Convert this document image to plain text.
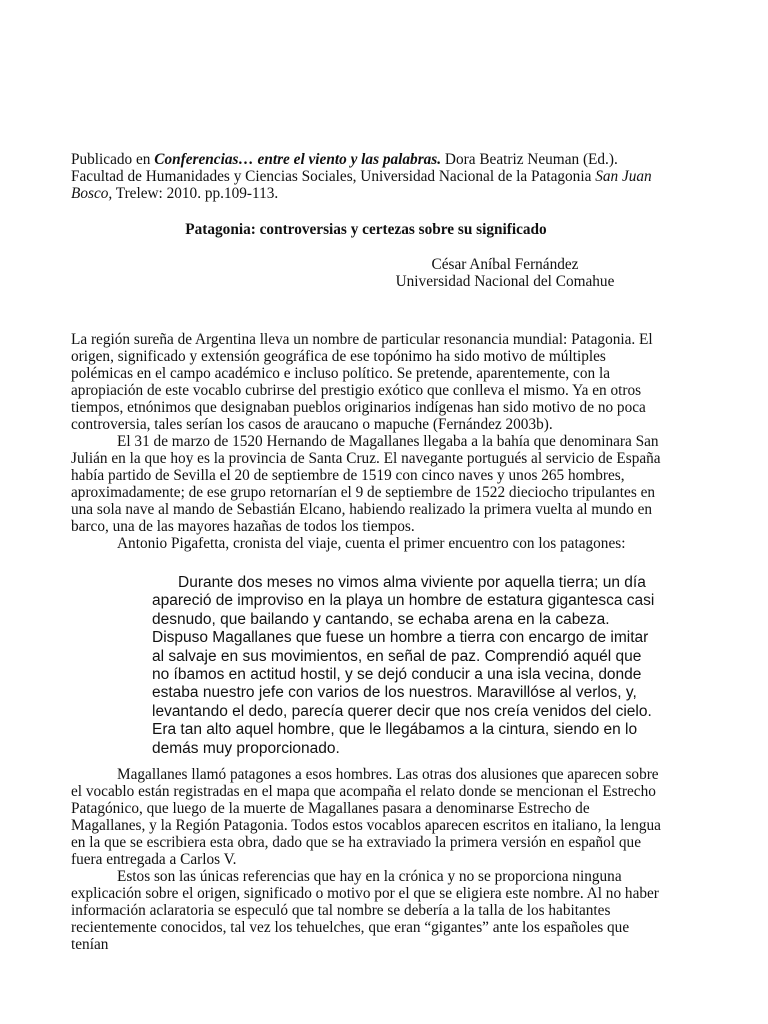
Publicado en Conferencias… entre el viento y las palabras. Dora Beatriz Neuman (Ed.). Facultad de Humanidades y Ciencias Sociales, Universidad Nacional de la Patagonia San Juan Bosco, Trelew: 2010. pp.109-113.

Patagonia: controversias y certezas sobre su significado

César Aníbal Fernández
Universidad Nacional del Comahue

La región sureña de Argentina lleva un nombre de particular resonancia mundial: Patagonia. El origen, significado y extensión geográfica de ese topónimo ha sido motivo de múltiples polémicas en el campo académico e incluso político. Se pretende, aparentemente, con la apropiación de este vocablo cubrirse del prestigio exótico que conlleva el mismo. Ya en otros tiempos, etnónimos que designaban pueblos originarios indígenas han sido motivo de no poca controversia, tales serían los casos de araucano o mapuche (Fernández 2003b).

El 31 de marzo de 1520 Hernando de Magallanes llegaba a la bahía que denominara San Julián en la que hoy es la provincia de Santa Cruz. El navegante portugués al servicio de España había partido de Sevilla el 20 de septiembre de 1519 con cinco naves y unos 265 hombres, aproximadamente; de ese grupo retornarían el 9 de septiembre de 1522 dieciocho tripulantes en una sola nave al mando de Sebastián Elcano, habiendo realizado la primera vuelta al mundo en barco, una de las mayores hazañas de todos los tiempos.

Antonio Pigafetta, cronista del viaje, cuenta el primer encuentro con los patagones:

Durante dos meses no vimos alma viviente por aquella tierra; un día apareció de improviso en la playa un hombre de estatura gigantesca casi desnudo, que bailando y cantando, se echaba arena en la cabeza. Dispuso Magallanes que fuese un hombre a tierra con encargo de imitar al salvaje en sus movimientos, en señal de paz. Comprendió aquél que no íbamos en actitud hostil, y se dejó conducir a una isla vecina, donde estaba nuestro jefe con varios de los nuestros. Maravillóse al verlos, y, levantando el dedo, parecía querer decir que nos creía venidos del cielo. Era tan alto aquel hombre, que le llegábamos a la cintura, siendo en lo demás muy proporcionado.

Magallanes llamó patagones a esos hombres. Las otras dos alusiones que aparecen sobre el vocablo están registradas en el mapa que acompaña el relato donde se mencionan el Estrecho Patagónico, que luego de la muerte de Magallanes pasara a denominarse Estrecho de Magallanes, y la Región Patagonia. Todos estos vocablos aparecen escritos en italiano, la lengua en la que se escribiera esta obra, dado que se ha extraviado la primera versión en español que fuera entregada a Carlos V.

Estos son las únicas referencias que hay en la crónica y no se proporciona ninguna explicación sobre el origen, significado o motivo por el que se eligiera este nombre. Al no haber información aclaratoria se especuló que tal nombre se debería a la talla de los habitantes recientemente conocidos, tal vez los tehuelches, que eran “gigantes” ante los españoles que tenían
